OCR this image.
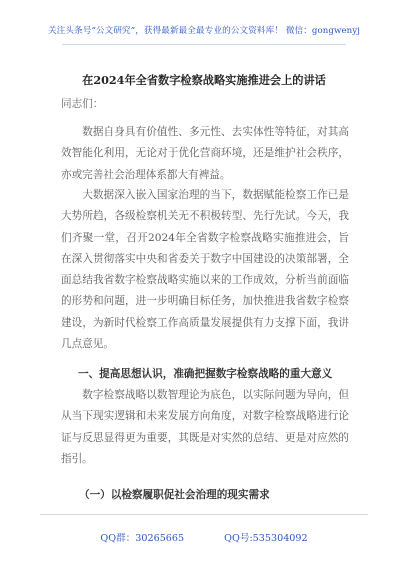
关注头条号“公文研究”，获得最新最全最专业的公文资料库！ 微信：gongwenyj
在2024年全省数字检察战略实施推进会上的讲话
同志们：

数据自身具有价值性、多元性、去实体性等特征，对其高效智能化利用，无论对于优化营商环境，还是维护社会秩序，亦或完善社会治理体系都大有裨益。

大数据深入嵌入国家治理的当下，数据赋能检察工作已是大势所趋，各级检察机关无不积极转型、先行先试。今天，我们齐聚一堂，召开2024年全省数字检察战略实施推进会，旨在深入贯彻落实中央和省委关于数字中国建设的决策部署，全面总结我省数字检察战略实施以来的工作成效，分析当前面临的形势和问题，进一步明确目标任务，加快推进我省数字检察建设，为新时代检察工作高质量发展提供有力支撑下面，我讲几点意见。

一、提高思想认识，准确把握数字检察战略的重大意义

数字检察战略以数智理论为底色，以实际问题为导向，但从当下现实逻辑和未来发展方向角度，对数字检察战略进行论证与反思显得更为重要，其既是对实然的总结、更是对应然的指引。

（一）以检察履职促社会治理的现实需求
QQ群：30265665	QQ号:535304092
